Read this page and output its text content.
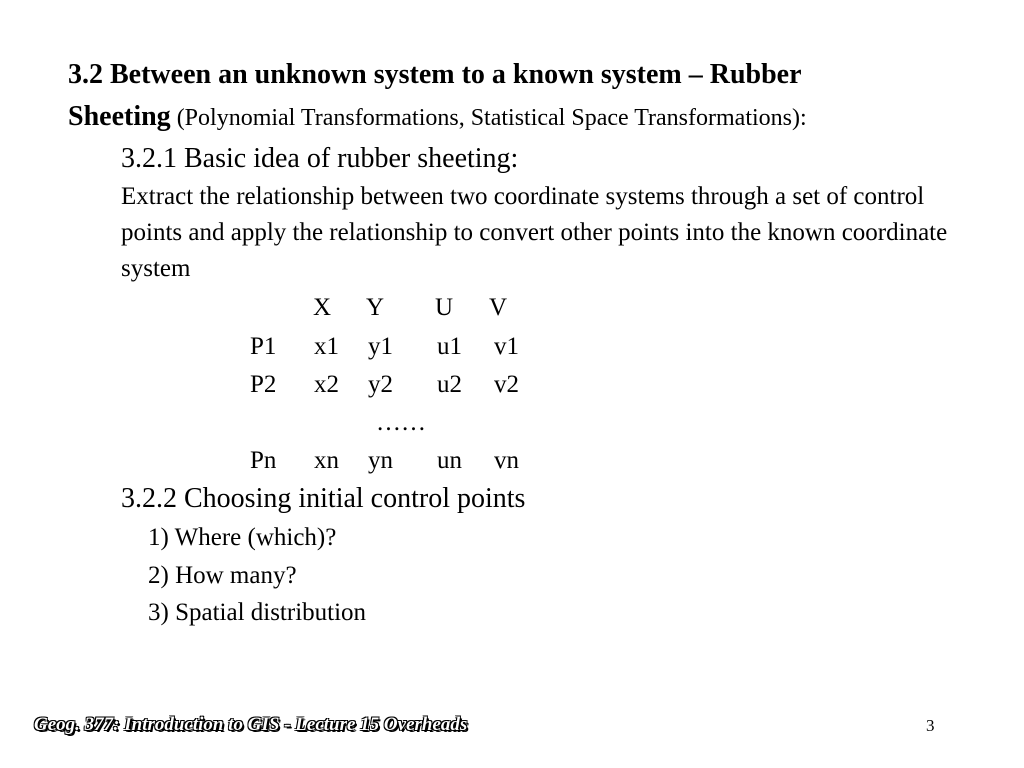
3.2 Between an unknown system to a known system – Rubber
Sheeting (Polynomial Transformations, Statistical Space Transformations):
3.2.1 Basic idea of rubber sheeting:
Extract the relationship between two coordinate systems through a set of control points and apply the relationship to convert other points into the known coordinate system
X Y U V
P1 x1 y1 u1 v1
P2 x2 y2 u2 v2
……
Pn xn yn un vn
3.2.2 Choosing initial control points
1) Where (which)?
2) How many?
3) Spatial distribution
Geog. 377: Introduction to GIS - Lecture 15 Overheads	3
